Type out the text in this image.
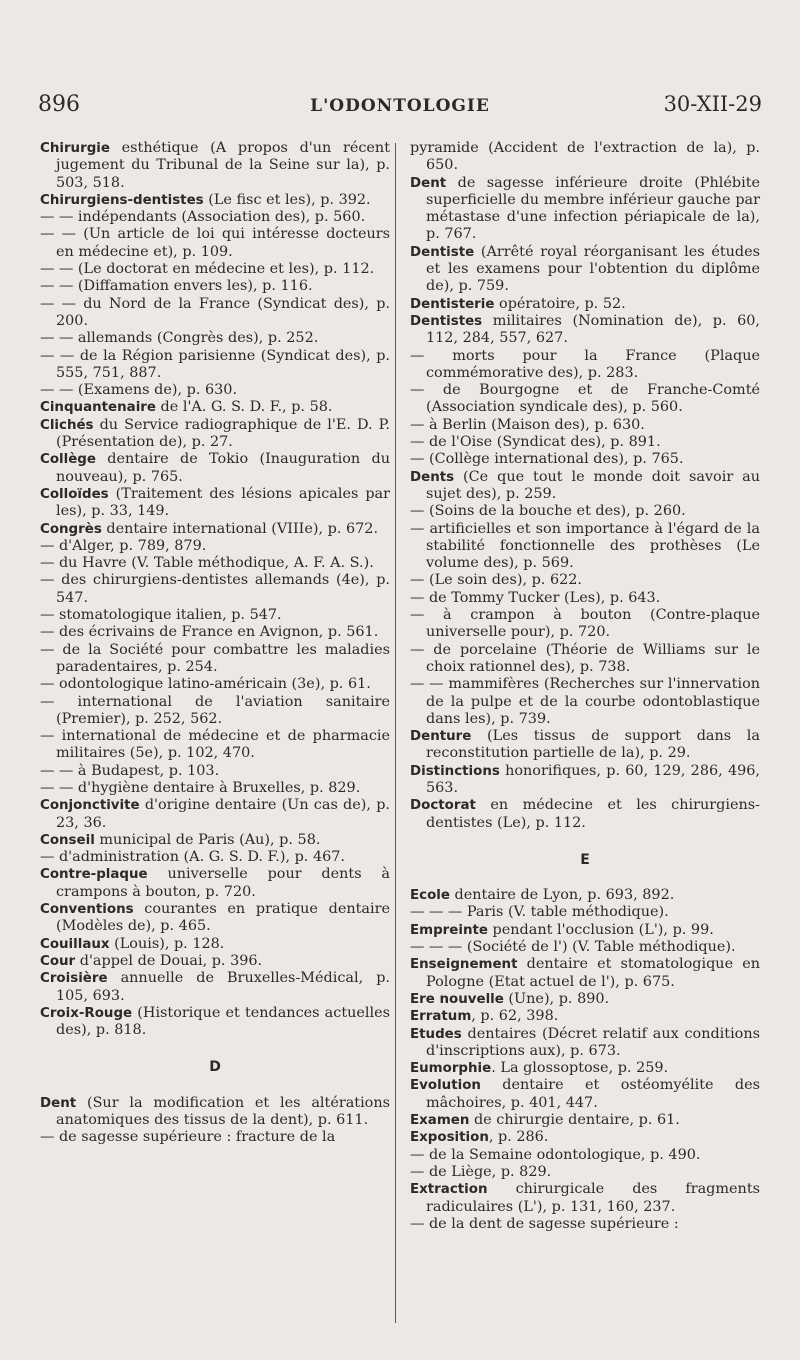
896	L'ODONTOLOGIE	30-XII-29

Chirurgie esthétique (A propos d'un récent jugement du Tribunal de la Seine sur la), p. 503, 518.

Chirurgiens-dentistes (Le fisc et les), p. 392.

— — indépendants (Association des), p. 560.

— — (Un article de loi qui intéresse docteurs en médecine et), p. 109.

— — (Le doctorat en médecine et les), p. 112.

— — (Diffamation envers les), p. 116.

— — du Nord de la France (Syndicat des), p. 200.

— — allemands (Congrès des), p. 252.

— — de la Région parisienne (Syndicat des), p. 555, 751, 887.

— — (Examens de), p. 630.

Cinquantenaire de l'A. G. S. D. F., p. 58.

Clichés du Service radiographique de l'E. D. P. (Présentation de), p. 27.

Collège dentaire de Tokio (Inauguration du nouveau), p. 765.

Colloïdes (Traitement des lésions apicales par les), p. 33, 149.

Congrès dentaire international (VIIIe), p. 672.

— d'Alger, p. 789, 879.

— du Havre (V. Table méthodique, A. F. A. S.).

— des chirurgiens-dentistes allemands (4e), p. 547.

— stomatologique italien, p. 547.

— des écrivains de France en Avignon, p. 561.

— de la Société pour combattre les maladies paradentaires, p. 254.

— odontologique latino-américain (3e), p. 61.

— international de l'aviation sanitaire (Premier), p. 252, 562.

— international de médecine et de pharmacie militaires (5e), p. 102, 470.

— — à Budapest, p. 103.

— — d'hygiène dentaire à Bruxelles, p. 829.

Conjonctivite d'origine dentaire (Un cas de), p. 23, 36.

Conseil municipal de Paris (Au), p. 58.

— d'administration (A. G. S. D. F.), p. 467.

Contre-plaque universelle pour dents à crampons à bouton, p. 720.

Conventions courantes en pratique dentaire (Modèles de), p. 465.

Couillaux (Louis), p. 128.

Cour d'appel de Douai, p. 396.

Croisière annuelle de Bruxelles-Médical, p. 105, 693.

Croix-Rouge (Historique et tendances actuelles des), p. 818.

D

Dent (Sur la modification et les altérations anatomiques des tissus de la dent), p. 611.

— de sagesse supérieure : fracture de la

pyramide (Accident de l'extraction de la), p. 650.

Dent de sagesse inférieure droite (Phlébite superficielle du membre inférieur gauche par métastase d'une infection périapicale de la), p. 767.

Dentiste (Arrêté royal réorganisant les études et les examens pour l'obtention du diplôme de), p. 759.

Dentisterie opératoire, p. 52.

Dentistes militaires (Nomination de), p. 60, 112, 284, 557, 627.

— morts pour la France (Plaque commémorative des), p. 283.

— de Bourgogne et de Franche-Comté (Association syndicale des), p. 560.

— à Berlin (Maison des), p. 630.

— de l'Oise (Syndicat des), p. 891.

— (Collège international des), p. 765.

Dents (Ce que tout le monde doit savoir au sujet des), p. 259.

— (Soins de la bouche et des), p. 260.

— artificielles et son importance à l'égard de la stabilité fonctionnelle des prothèses (Le volume des), p. 569.

— (Le soin des), p. 622.

— de Tommy Tucker (Les), p. 643.

— à crampon à bouton (Contre-plaque universelle pour), p. 720.

— de porcelaine (Théorie de Williams sur le choix rationnel des), p. 738.

— — mammifères (Recherches sur l'innervation de la pulpe et de la courbe odontoblastique dans les), p. 739.

Denture (Les tissus de support dans la reconstitution partielle de la), p. 29.

Distinctions honorifiques, p. 60, 129, 286, 496, 563.

Doctorat en médecine et les chirurgiens-dentistes (Le), p. 112.

E

Ecole dentaire de Lyon, p. 693, 892.

— — — Paris (V. table méthodique).

Empreinte pendant l'occlusion (L'), p. 99.

— — — (Société de l') (V. Table méthodique).

Enseignement dentaire et stomatologique en Pologne (Etat actuel de l'), p. 675.

Ere nouvelle (Une), p. 890.

Erratum, p. 62, 398.

Etudes dentaires (Décret relatif aux conditions d'inscriptions aux), p. 673.

Eumorphie. La glossoptose, p. 259.

Evolution dentaire et ostéomyélite des mâchoires, p. 401, 447.

Examen de chirurgie dentaire, p. 61.

Exposition, p. 286.

— de la Semaine odontologique, p. 490.

— de Liège, p. 829.

Extraction chirurgicale des fragments radiculaires (L'), p. 131, 160, 237.

— de la dent de sagesse supérieure :
